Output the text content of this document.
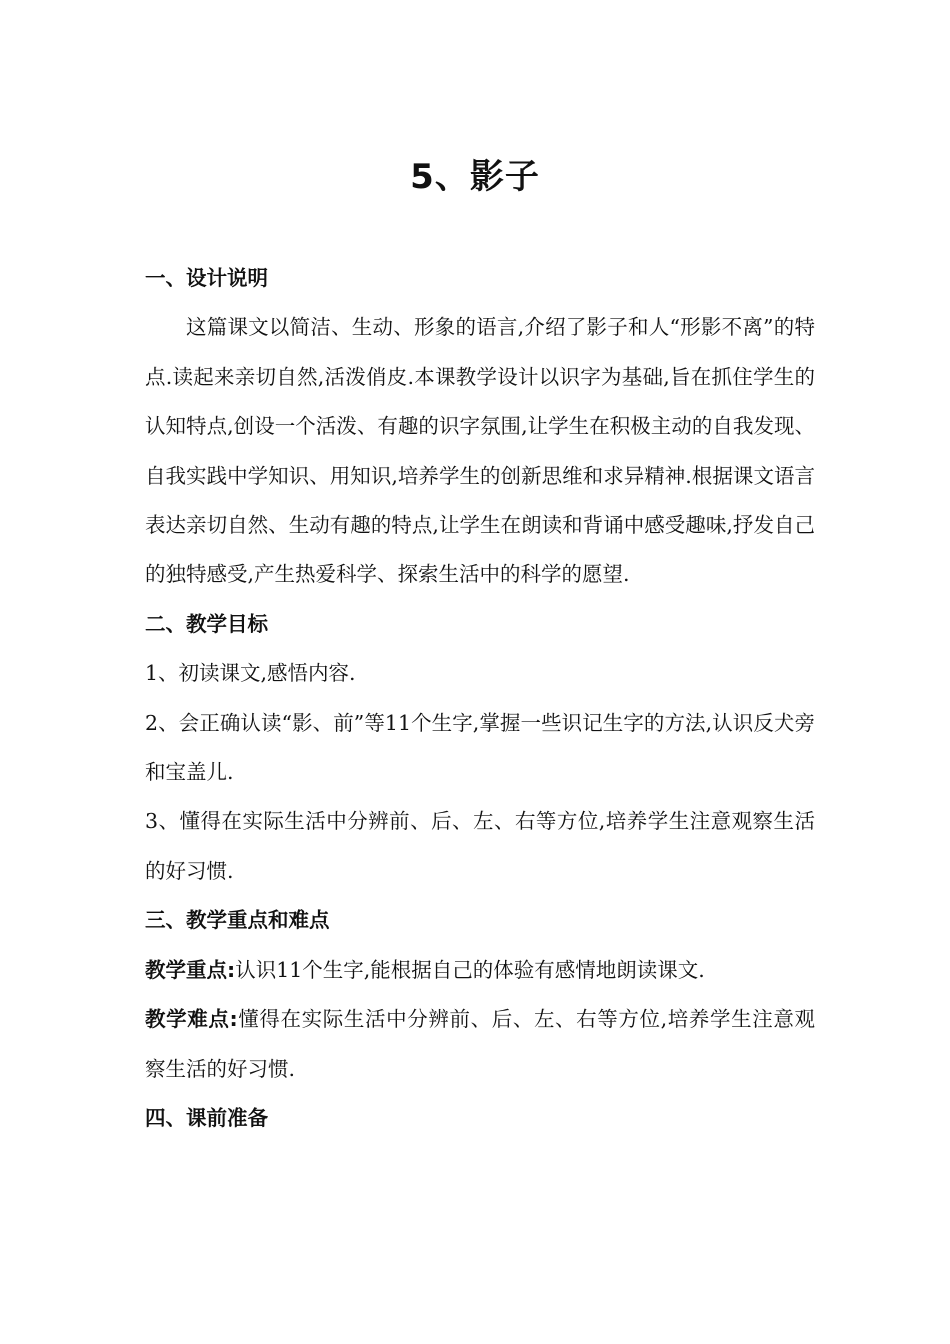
5、影子

一、设计说明

这篇课文以简洁、生动、形象的语言,介绍了影子和人“形影不离”的特点.读起来亲切自然,活泼俏皮.本课教学设计以识字为基础,旨在抓住学生的认知特点,创设一个活泼、有趣的识字氛围,让学生在积极主动的自我发现、自我实践中学知识、用知识,培养学生的创新思维和求异精神.根据课文语言表达亲切自然、生动有趣的特点,让学生在朗读和背诵中感受趣味,抒发自己的独特感受,产生热爱科学、探索生活中的科学的愿望.

二、教学目标

1、初读课文,感悟内容.

2、会正确认读“影、前”等11个生字,掌握一些识记生字的方法,认识反犬旁和宝盖儿.

3、懂得在实际生活中分辨前、后、左、右等方位,培养学生注意观察生活的好习惯.

三、教学重点和难点

教学重点:认识11个生字,能根据自己的体验有感情地朗读课文.

教学难点:懂得在实际生活中分辨前、后、左、右等方位,培养学生注意观察生活的好习惯.

四、课前准备
